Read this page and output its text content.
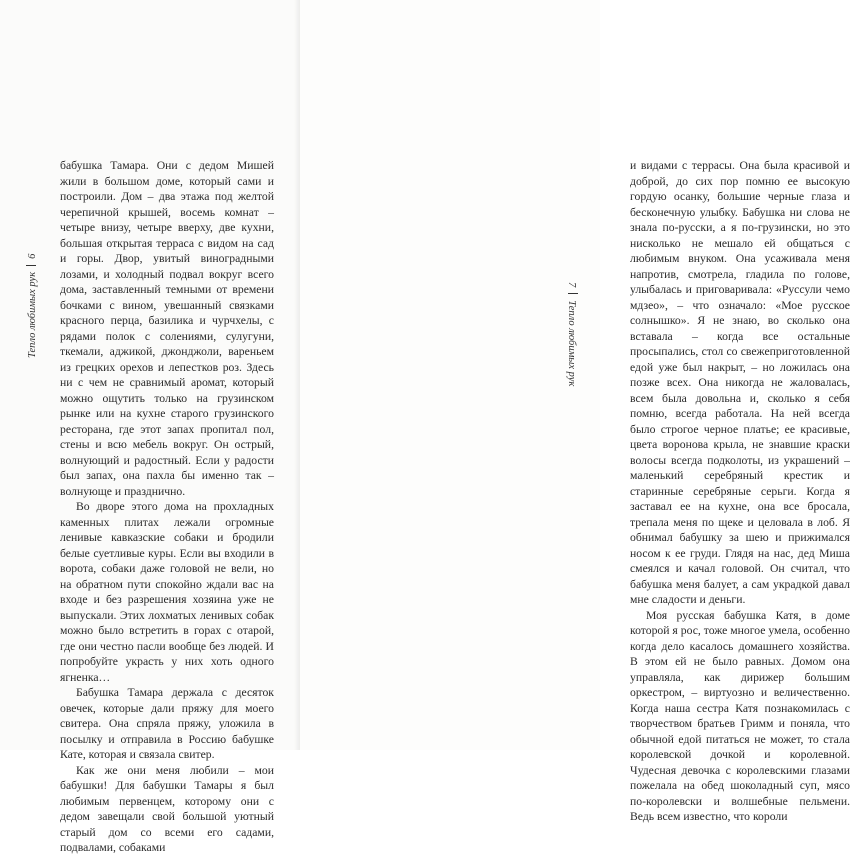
Тепло любимых рук6

бабушка Тамара. Они с дедом Мишей жили в большом доме, который сами и построили. Дом – два этажа под желтой черепичной крышей, восемь комнат – четыре внизу, четыре вверху, две кухни, большая открытая терраса с видом на сад и горы. Двор, увитый виноградными лозами, и холодный подвал вокруг всего дома, заставленный темными от времени бочками с вином, увешанный связками красного перца, базилика и чурчхелы, с рядами полок с солениями, сулугуни, ткемали, аджикой, джонджоли, вареньем из грецких орехов и лепестков роз. Здесь ни с чем не сравнимый аромат, который можно ощутить только на грузинском рынке или на кухне старого грузинского ресторана, где этот запах пропитал пол, стены и всю мебель вокруг. Он острый, волнующий и радостный. Если у радости был запах, она пахла бы именно так – волнующе и празднично.

Во дворе этого дома на прохладных каменных плитах лежали огромные ленивые кавказские собаки и бродили белые суетливые куры. Если вы входили в ворота, собаки даже головой не вели, но на обратном пути спокойно ждали вас на входе и без разрешения хозяина уже не выпускали. Этих лохматых ленивых собак можно было встретить в горах с отарой, где они честно пасли вообще без людей. И попробуйте украсть у них хоть одного ягненка…

Бабушка Тамара держала с десяток овечек, которые дали пряжу для моего свитера. Она спряла пряжу, уложила в посылку и отправила в Россию бабушке Кате, которая и связала свитер.

Как же они меня любили – мои бабушки! Для бабушки Тамары я был любимым первенцем, которому они с дедом завещали свой большой уютный старый дом со всеми его садами, подвалами, собаками

и видами с террасы. Она была красивой и доброй, до сих пор помню ее высокую гордую осанку, большие черные глаза и бесконечную улыбку. Бабушка ни слова не знала по-русски, а я по-грузински, но это нисколько не мешало ей общаться с любимым внуком. Она усаживала меня напротив, смотрела, гладила по голове, улыбалась и приговаривала: «Руссули чемо мдзео», – что означало: «Мое русское солнышко». Я не знаю, во сколько она вставала – когда все остальные просыпались, стол со свежеприготовленной едой уже был накрыт, – но ложилась она позже всех. Она никогда не жаловалась, всем была довольна и, сколько я себя помню, всегда работала. На ней всегда было строгое черное платье; ее красивые, цвета воронова крыла, не знавшие краски волосы всегда подколоты, из украшений – маленький серебряный крестик и старинные серебряные серьги. Когда я заставал ее на кухне, она все бросала, трепала меня по щеке и целовала в лоб. Я обнимал бабушку за шею и прижимался носом к ее груди. Глядя на нас, дед Миша смеялся и качал головой. Он считал, что бабушка меня балует, а сам украдкой давал мне сладости и деньги.

Моя русская бабушка Катя, в доме которой я рос, тоже многое умела, особенно когда дело касалось домашнего хозяйства. В этом ей не было равных. Домом она управляла, как дирижер большим оркестром, – виртуозно и величественно. Когда наша сестра Катя познакомилась с творчеством братьев Гримм и поняла, что обычной едой питаться не может, то стала королевской дочкой и королевной. Чудесная девочка с королевскими глазами пожелала на обед шоколадный суп, мясо по-королевски и волшебные пельмени. Ведь всем известно, что короли

7Тепло любимых рук
